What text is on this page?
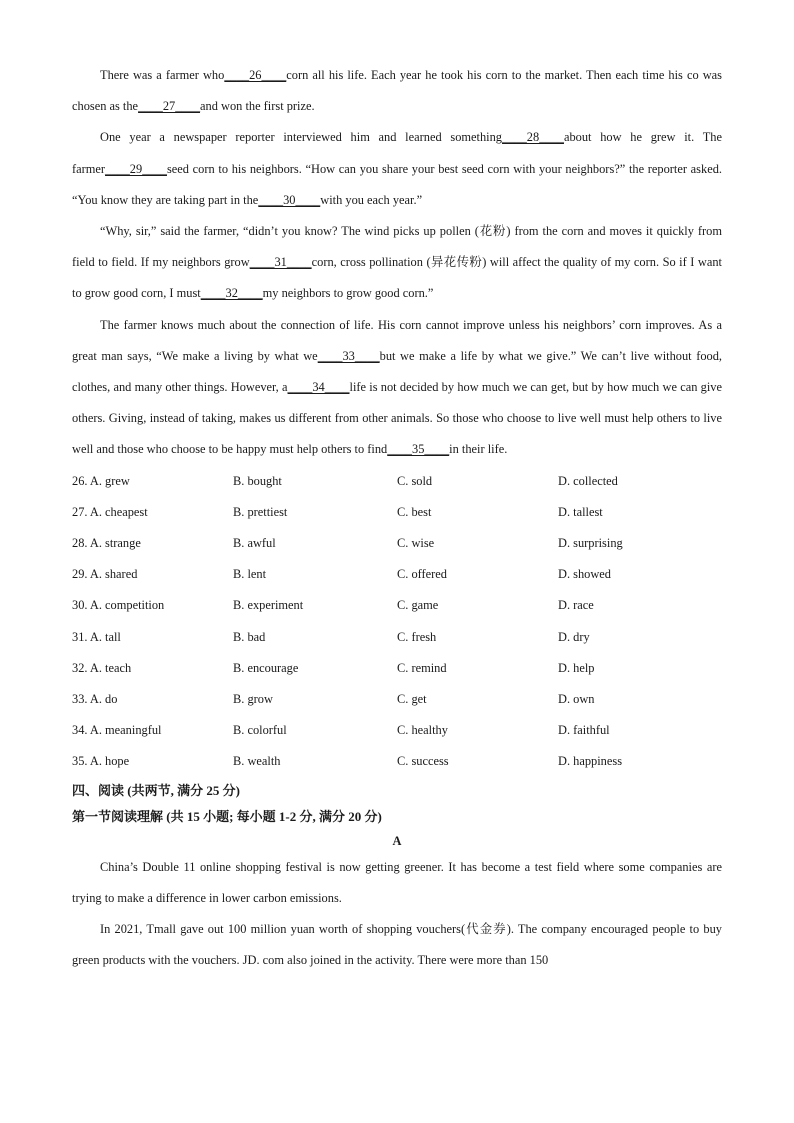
There was a farmer who____26____corn all his life. Each year he took his corn to the market. Then each time his co was chosen as the____27____and won the first prize.

One year a newspaper reporter interviewed him and learned something____28____about how he grew it. The farmer____29____seed corn to his neighbors. “How can you share your best seed corn with your neighbors?” the reporter asked. “You know they are taking part in the____30____with you each year.”

“Why, sir,” said the farmer, “didn’t you know? The wind picks up pollen (花粉) from the corn and moves it quickly from field to field. If my neighbors grow____31____corn, cross pollination (异花传粉) will affect the quality of my corn. So if I want to grow good corn, I must____32____my neighbors to grow good corn.”

The farmer knows much about the connection of life. His corn cannot improve unless his neighbors’ corn improves. As a great man says, “We make a living by what we____33____but we make a life by what we give.” We can’t live without food, clothes, and many other things. However, a____34____life is not decided by how much we can get, but by how much we can give others. Giving, instead of taking, makes us different from other animals. So those who choose to live well must help others to live well and those who choose to be happy must help others to find____35____in their life.

26. A. grew	B. bought	C. sold	D. collected
27. A. cheapest	B. prettiest	C. best	D. tallest
28. A. strange	B. awful	C. wise	D. surprising
29. A. shared	B. lent	C. offered	D. showed
30. A. competition	B. experiment	C. game	D. race
31. A. tall	B. bad	C. fresh	D. dry
32. A. teach	B. encourage	C. remind	D. help
33. A. do	B. grow	C. get	D. own
34. A. meaningful	B. colorful	C. healthy	D. faithful
35. A. hope	B. wealth	C. success	D. happiness
四、阅读 (共两节, 满分 25 分)
第一节阅读理解 (共 15 小题; 每小题 1-2 分, 满分 20 分)
A

China’s Double 11 online shopping festival is now getting greener. It has become a test field where some companies are trying to make a difference in lower carbon emissions.

In 2021, Tmall gave out 100 million yuan worth of shopping vouchers(代金券). The company encouraged people to buy green products with the vouchers. JD. com also joined in the activity. There were more than 150
